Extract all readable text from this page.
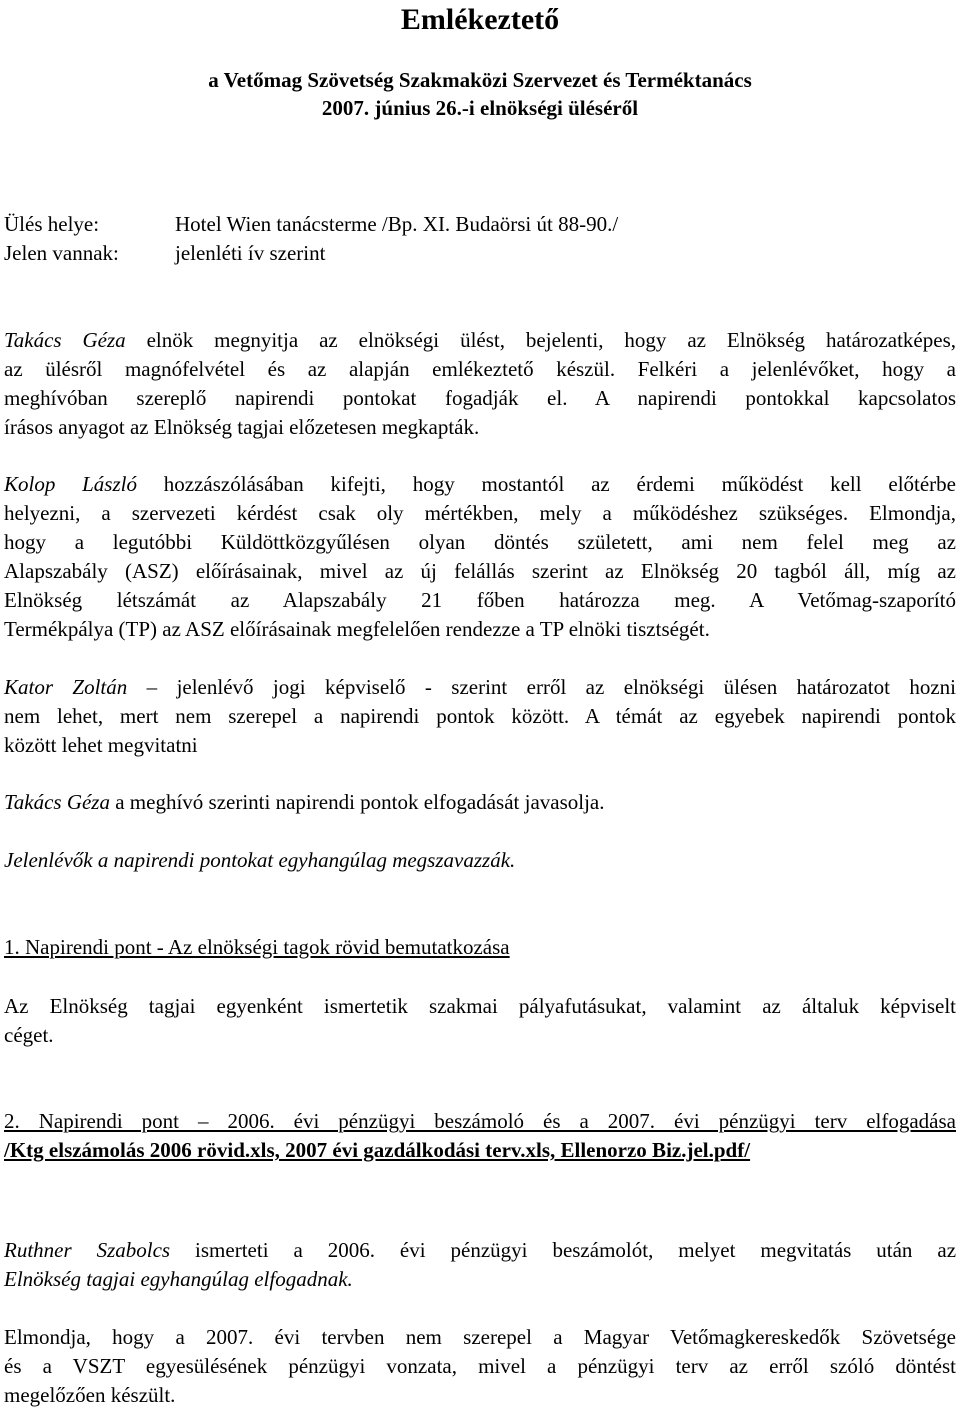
Emlékeztető
a Vetőmag Szövetség Szakmaközi Szervezet és Terméktanács
2007. június 26.-i elnökségi üléséről
Ülés helye:	Hotel Wien tanácsterme /Bp. XI. Budaörsi út 88-90./
Jelen vannak:	jelenléti ív szerint
Takács Géza elnök megnyitja az elnökségi ülést, bejelenti, hogy az Elnökség határozatképes,
az ülésről magnófelvétel és az alapján emlékeztető készül. Felkéri a jelenlévőket, hogy a
meghívóban szereplő napirendi pontokat fogadják el. A napirendi pontokkal kapcsolatos
írásos anyagot az Elnökség tagjai előzetesen megkapták.
Kolop László hozzászólásában kifejti, hogy mostantól az érdemi működést kell előtérbe
helyezni, a szervezeti kérdést csak oly mértékben, mely a működéshez szükséges. Elmondja,
hogy a legutóbbi Küldöttközgyűlésen olyan döntés született, ami nem felel meg az
Alapszabály (ASZ) előírásainak, mivel az új felállás szerint az Elnökség 20 tagból áll, míg az
Elnökség létszámát az Alapszabály 21 főben határozza meg. A Vetőmag-szaporító
Termékpálya (TP) az ASZ előírásainak megfelelően rendezze a TP elnöki tisztségét.
Kator Zoltán – jelenlévő jogi képviselő - szerint erről az elnökségi ülésen határozatot hozni
nem lehet, mert nem szerepel a napirendi pontok között. A témát az egyebek napirendi pontok
között lehet megvitatni
Takács Géza a meghívó szerinti napirendi pontok elfogadását javasolja.
Jelenlévők a napirendi pontokat egyhangúlag megszavazzák.
1. Napirendi pont - Az elnökségi tagok rövid bemutatkozása
Az Elnökség tagjai egyenként ismertetik szakmai pályafutásukat, valamint az általuk képviselt
céget.
2. Napirendi pont – 2006. évi pénzügyi beszámoló és a 2007. évi pénzügyi terv elfogadása
/Ktg elszámolás 2006 rövid.xls, 2007 évi gazdálkodási terv.xls, Ellenorzo Biz.jel.pdf/
Ruthner Szabolcs ismerteti a 2006. évi pénzügyi beszámolót, melyet megvitatás után az
Elnökség tagjai egyhangúlag elfogadnak.
Elmondja, hogy a 2007. évi tervben nem szerepel a Magyar Vetőmagkereskedők Szövetsége
és a VSZT egyesülésének pénzügyi vonzata, mivel a pénzügyi terv az erről szóló döntést
megelőzően készült.
